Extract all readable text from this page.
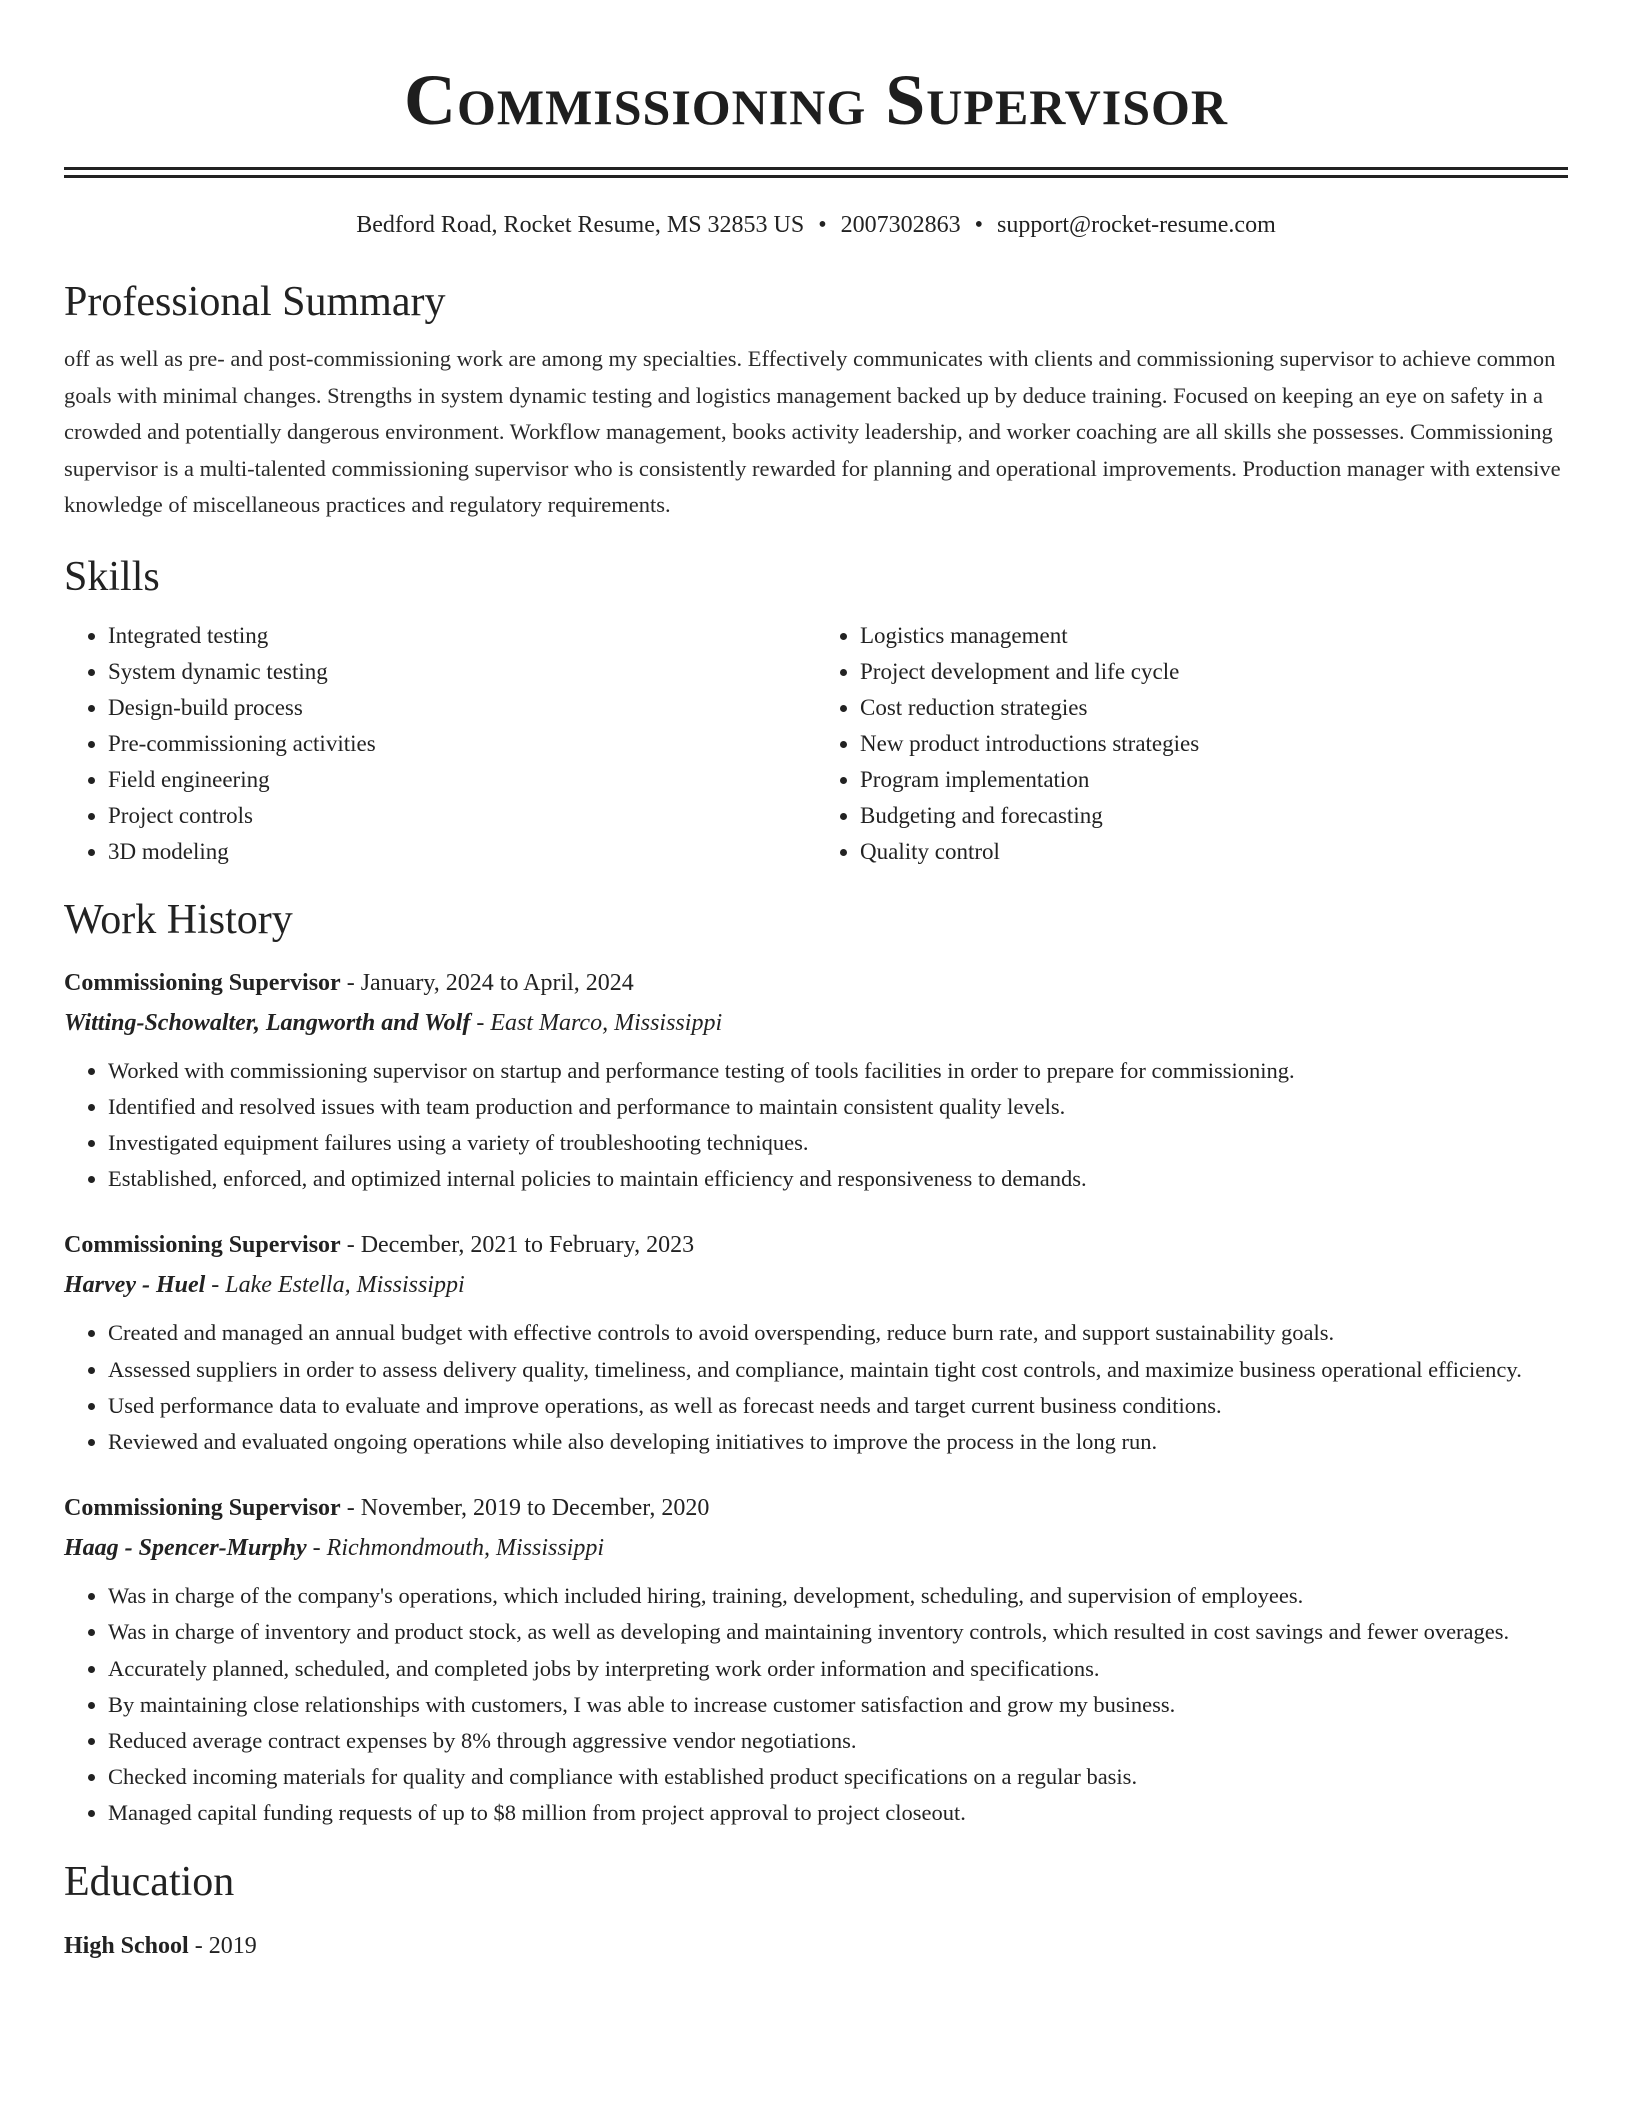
Commissioning Supervisor
Bedford Road, Rocket Resume, MS 32853 US • 2007302863 • support@rocket-resume.com
Professional Summary

off as well as pre- and post-commissioning work are among my specialties. Effectively communicates with clients and commissioning supervisor to achieve common goals with minimal changes. Strengths in system dynamic testing and logistics management backed up by deduce training. Focused on keeping an eye on safety in a crowded and potentially dangerous environment. Workflow management, books activity leadership, and worker coaching are all skills she possesses. Commissioning supervisor is a multi-talented commissioning supervisor who is consistently rewarded for planning and operational improvements. Production manager with extensive knowledge of miscellaneous practices and regulatory requirements.

Skills
• Integrated testing
• System dynamic testing
• Design-build process
• Pre-commissioning activities
• Field engineering
• Project controls
• 3D modeling
• Logistics management
• Project development and life cycle
• Cost reduction strategies
• New product introductions strategies
• Program implementation
• Budgeting and forecasting
• Quality control
Work History
Commissioning Supervisor - January, 2024 to April, 2024
Witting-Schowalter, Langworth and Wolf - East Marco, Mississippi
• Worked with commissioning supervisor on startup and performance testing of tools facilities in order to prepare for commissioning.
• Identified and resolved issues with team production and performance to maintain consistent quality levels.
• Investigated equipment failures using a variety of troubleshooting techniques.
• Established, enforced, and optimized internal policies to maintain efficiency and responsiveness to demands.
Commissioning Supervisor - December, 2021 to February, 2023
Harvey - Huel - Lake Estella, Mississippi
• Created and managed an annual budget with effective controls to avoid overspending, reduce burn rate, and support sustainability goals.
• Assessed suppliers in order to assess delivery quality, timeliness, and compliance, maintain tight cost controls, and maximize business operational efficiency.
• Used performance data to evaluate and improve operations, as well as forecast needs and target current business conditions.
• Reviewed and evaluated ongoing operations while also developing initiatives to improve the process in the long run.
Commissioning Supervisor - November, 2019 to December, 2020
Haag - Spencer-Murphy - Richmondmouth, Mississippi
• Was in charge of the company's operations, which included hiring, training, development, scheduling, and supervision of employees.
• Was in charge of inventory and product stock, as well as developing and maintaining inventory controls, which resulted in cost savings and fewer overages.
• Accurately planned, scheduled, and completed jobs by interpreting work order information and specifications.
• By maintaining close relationships with customers, I was able to increase customer satisfaction and grow my business.
• Reduced average contract expenses by 8% through aggressive vendor negotiations.
• Checked incoming materials for quality and compliance with established product specifications on a regular basis.
• Managed capital funding requests of up to $8 million from project approval to project closeout.
Education
High School - 2019
